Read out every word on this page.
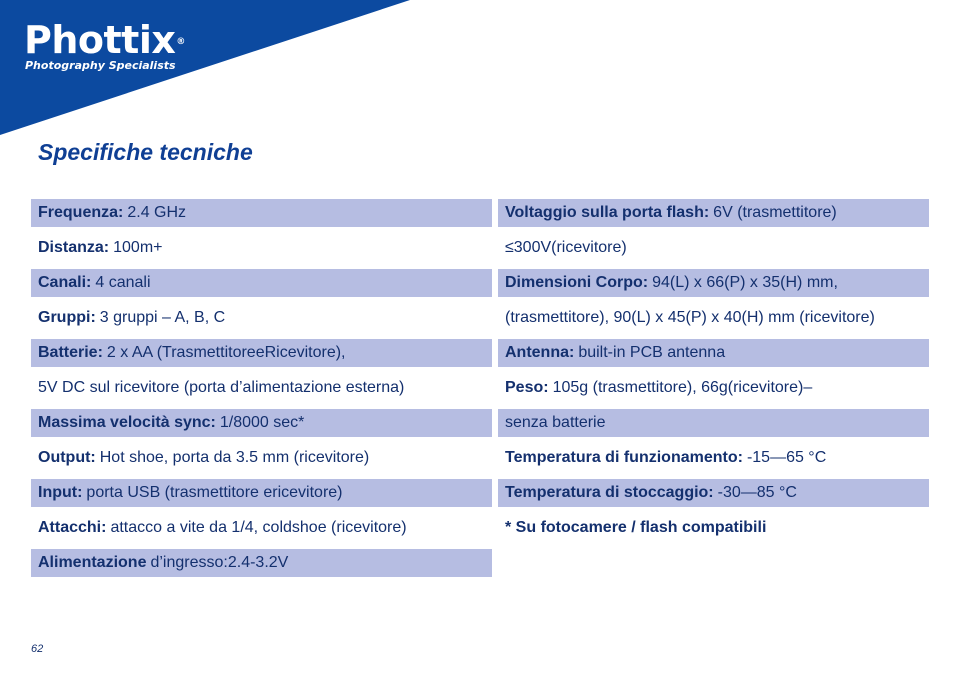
Phottix®
Photography Specialists
Specifiche tecniche
Frequenza: 2.4 GHz
Distanza: 100m+
Canali: 4 canali
Gruppi: 3 gruppi – A, B, C
Batterie: 2 x AA (TrasmettitoreeRicevitore),
5V DC sul ricevitore (porta d’alimentazione esterna)
Massima velocità sync: 1/8000 sec*
Output: Hot shoe, porta da 3.5 mm (ricevitore)
Input: porta USB (trasmettitore ericevitore)
Attacchi: attacco a vite da 1/4, coldshoe (ricevitore)
Alimentazione d’ingresso:2.4-3.2V
Voltaggio sulla porta flash: 6V (trasmettitore)
≤300V(ricevitore)
Dimensioni Corpo: 94(L) x 66(P) x 35(H) mm,
(trasmettitore), 90(L) x 45(P) x 40(H) mm (ricevitore)
Antenna: built-in PCB antenna
Peso: 105g (trasmettitore), 66g(ricevitore)–
senza batterie
Temperatura di funzionamento: -15—65 °C
Temperatura di stoccaggio: -30—85 °C
* Su fotocamere / flash compatibili
62
